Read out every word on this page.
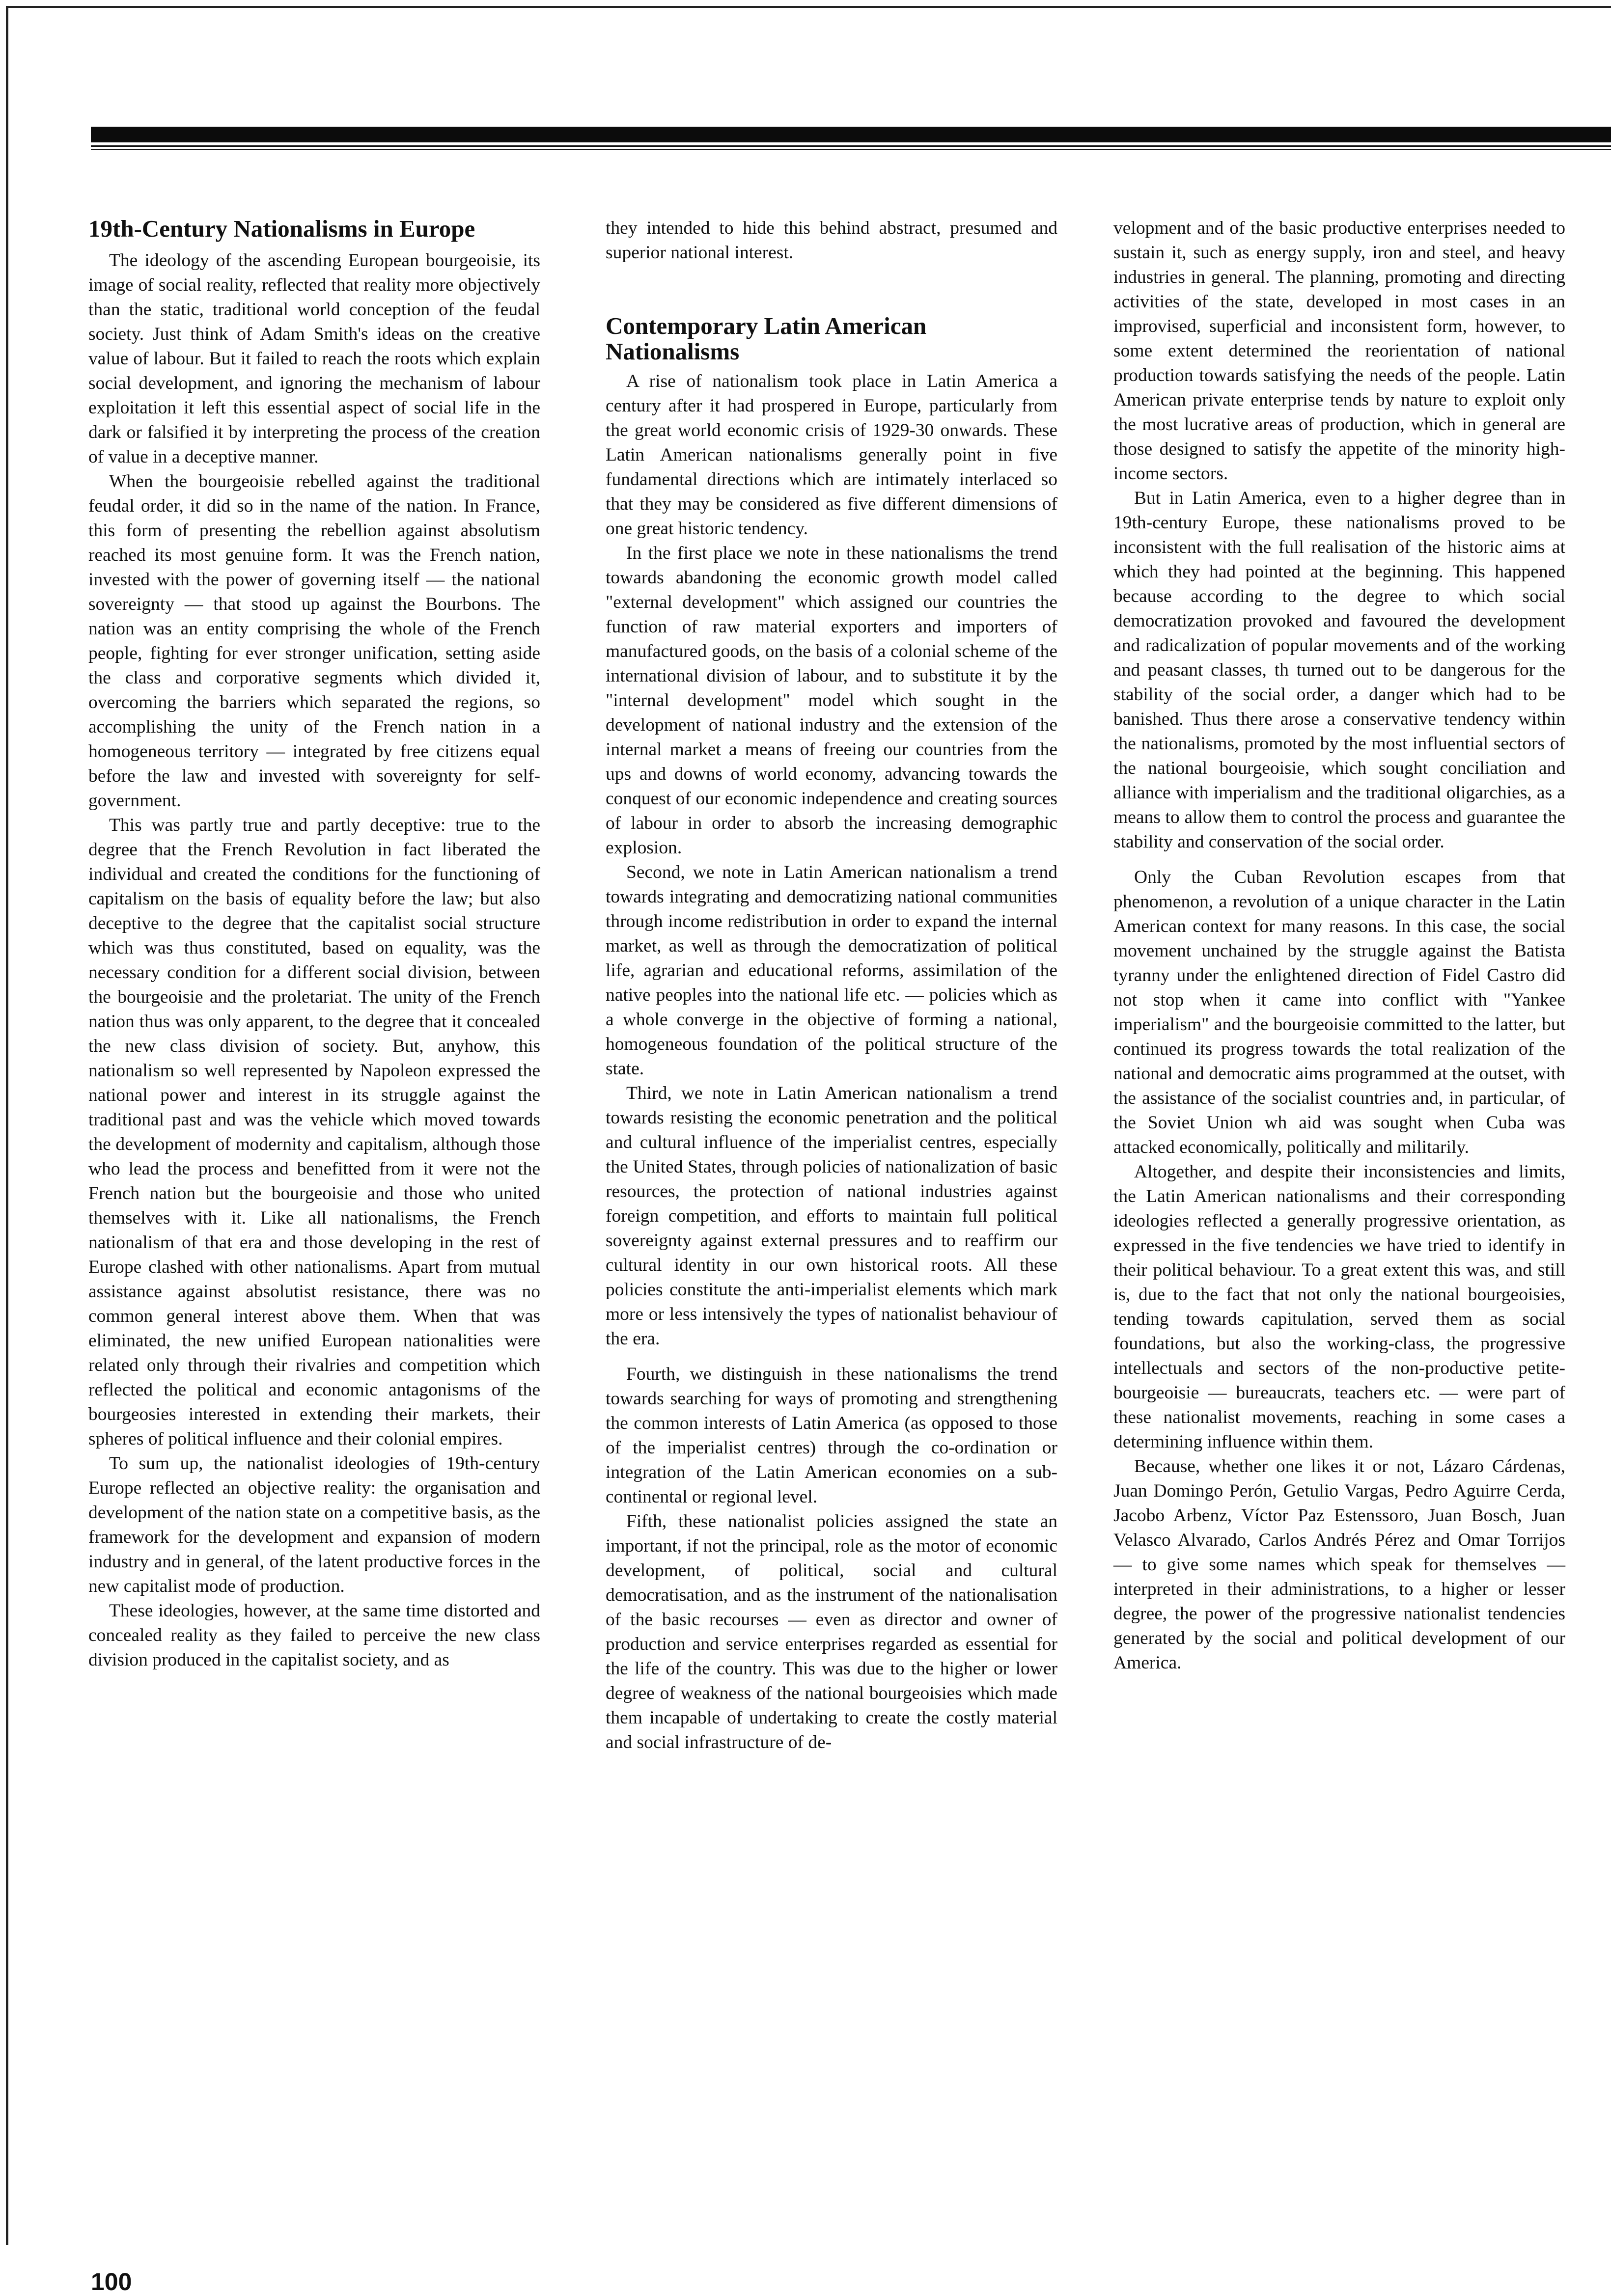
19th-Century Nationalisms in Europe

The ideology of the ascending European bourgeoisie, its image of social reality, reflected that reality more objectively than the static, traditional world conception of the feudal society. Just think of Adam Smith's ideas on the creative value of labour. But it failed to reach the roots which explain social development, and ignoring the mechanism of labour exploitation it left this essential aspect of social life in the dark or falsified it by interpreting the process of the creation of value in a deceptive manner.

When the bourgeoisie rebelled against the traditional feudal order, it did so in the name of the nation. In France, this form of presenting the rebellion against absolutism reached its most genuine form. It was the French nation, invested with the power of governing itself — the national sovereignty — that stood up against the Bourbons. The nation was an entity comprising the whole of the French people, fighting for ever stronger unification, setting aside the class and corporative segments which divided it, overcoming the barriers which separated the regions, so accomplishing the unity of the French nation in a homogeneous territory — integrated by free citizens equal before the law and invested with sovereignty for self-government.

This was partly true and partly deceptive: true to the degree that the French Revolution in fact liberated the individual and created the conditions for the functioning of capitalism on the basis of equality before the law; but also deceptive to the degree that the capitalist social structure which was thus constituted, based on equality, was the necessary condition for a different social division, between the bourgeoisie and the proletariat. The unity of the French nation thus was only apparent, to the degree that it concealed the new class division of society. But, anyhow, this nationalism so well represented by Napoleon expressed the national power and interest in its struggle against the traditional past and was the vehicle which moved towards the development of modernity and capitalism, although those who lead the process and benefitted from it were not the French nation but the bourgeoisie and those who united themselves with it. Like all nationalisms, the French nationalism of that era and those developing in the rest of Europe clashed with other nationalisms. Apart from mutual assistance against absolutist resistance, there was no common general interest above them. When that was eliminated, the new unified European nationalities were related only through their rivalries and competition which reflected the political and economic antagonisms of the bourgeosies interested in extending their markets, their spheres of political influence and their colonial empires.

To sum up, the nationalist ideologies of 19th-century Europe reflected an objective reality: the organisation and development of the nation state on a competitive basis, as the framework for the development and expansion of modern industry and in general, of the latent productive forces in the new capitalist mode of production.

These ideologies, however, at the same time distorted and concealed reality as they failed to perceive the new class division produced in the capitalist society, and as

they intended to hide this behind abstract, presumed and superior national interest.

Contemporary Latin American Nationalisms

A rise of nationalism took place in Latin America a century after it had prospered in Europe, particularly from the great world economic crisis of 1929-30 onwards. These Latin American nationalisms generally point in five fundamental directions which are intimately interlaced so that they may be considered as five different dimensions of one great historic tendency.

In the first place we note in these nationalisms the trend towards abandoning the economic growth model called "external development" which assigned our countries the function of raw material exporters and importers of manufactured goods, on the basis of a colonial scheme of the international division of labour, and to substitute it by the "internal development" model which sought in the development of national industry and the extension of the internal market a means of freeing our countries from the ups and downs of world economy, advancing towards the conquest of our economic independence and creating sources of labour in order to absorb the increasing demographic explosion.

Second, we note in Latin American nationalism a trend towards integrating and democratizing national communities through income redistribution in order to expand the internal market, as well as through the democratization of political life, agrarian and educational reforms, assimilation of the native peoples into the national life etc. — policies which as a whole converge in the objective of forming a national, homogeneous foundation of the political structure of the state.

Third, we note in Latin American nationalism a trend towards resisting the economic penetration and the political and cultural influence of the imperialist centres, especially the United States, through policies of nationalization of basic resources, the protection of national industries against foreign competition, and efforts to maintain full political sovereignty against external pressures and to reaffirm our cultural identity in our own historical roots. All these policies constitute the anti-imperialist elements which mark more or less intensively the types of nationalist behaviour of the era.

Fourth, we distinguish in these nationalisms the trend towards searching for ways of promoting and strengthening the common interests of Latin America (as opposed to those of the imperialist centres) through the co-ordination or integration of the Latin American economies on a sub-continental or regional level.

Fifth, these nationalist policies assigned the state an important, if not the principal, role as the motor of economic development, of political, social and cultural democratisation, and as the instrument of the nationalisation of the basic recourses — even as director and owner of production and service enterprises regarded as essential for the life of the country. This was due to the higher or lower degree of weakness of the national bourgeoisies which made them incapable of undertaking to create the costly material and social infrastructure of de-

velopment and of the basic productive enterprises needed to sustain it, such as energy supply, iron and steel, and heavy industries in general. The planning, promoting and directing activities of the state, developed in most cases in an improvised, superficial and inconsistent form, however, to some extent determined the reorientation of national production towards satisfying the needs of the people. Latin American private enterprise tends by nature to exploit only the most lucrative areas of production, which in general are those designed to satisfy the appetite of the minority high-income sectors.

But in Latin America, even to a higher degree than in 19th-century Europe, these nationalisms proved to be inconsistent with the full realisation of the historic aims at which they had pointed at the beginning. This happened because according to the degree to which social democratization provoked and favoured the development and radicalization of popular movements and of the working and peasant classes, th turned out to be dangerous for the stability of the social order, a danger which had to be banished. Thus there arose a conservative tendency within the nationalisms, promoted by the most influential sectors of the national bourgeoisie, which sought conciliation and alliance with imperialism and the traditional oligarchies, as a means to allow them to control the process and guarantee the stability and conservation of the social order.

Only the Cuban Revolution escapes from that phenomenon, a revolution of a unique character in the Latin American context for many reasons. In this case, the social movement unchained by the struggle against the Batista tyranny under the enlightened direction of Fidel Castro did not stop when it came into conflict with "Yankee imperialism" and the bourgeoisie committed to the latter, but continued its progress towards the total realization of the national and democratic aims programmed at the outset, with the assistance of the socialist countries and, in particular, of the Soviet Union wh aid was sought when Cuba was attacked economically, politically and militarily.

Altogether, and despite their inconsistencies and limits, the Latin American nationalisms and their corresponding ideologies reflected a generally progressive orientation, as expressed in the five tendencies we have tried to identify in their political behaviour. To a great extent this was, and still is, due to the fact that not only the national bourgeoisies, tending towards capitulation, served them as social foundations, but also the working-class, the progressive intellectuals and sectors of the non-productive petite-bourgeoisie — bureaucrats, teachers etc. — were part of these nationalist movements, reaching in some cases a determining influence within them.

Because, whether one likes it or not, Lázaro Cárdenas, Juan Domingo Perón, Getulio Vargas, Pedro Aguirre Cerda, Jacobo Arbenz, Víctor Paz Estenssoro, Juan Bosch, Juan Velasco Alvarado, Carlos Andrés Pérez and Omar Torrijos — to give some names which speak for themselves — interpreted in their administrations, to a higher or lesser degree, the power of the progressive nationalist tendencies generated by the social and political development of our America.

100
